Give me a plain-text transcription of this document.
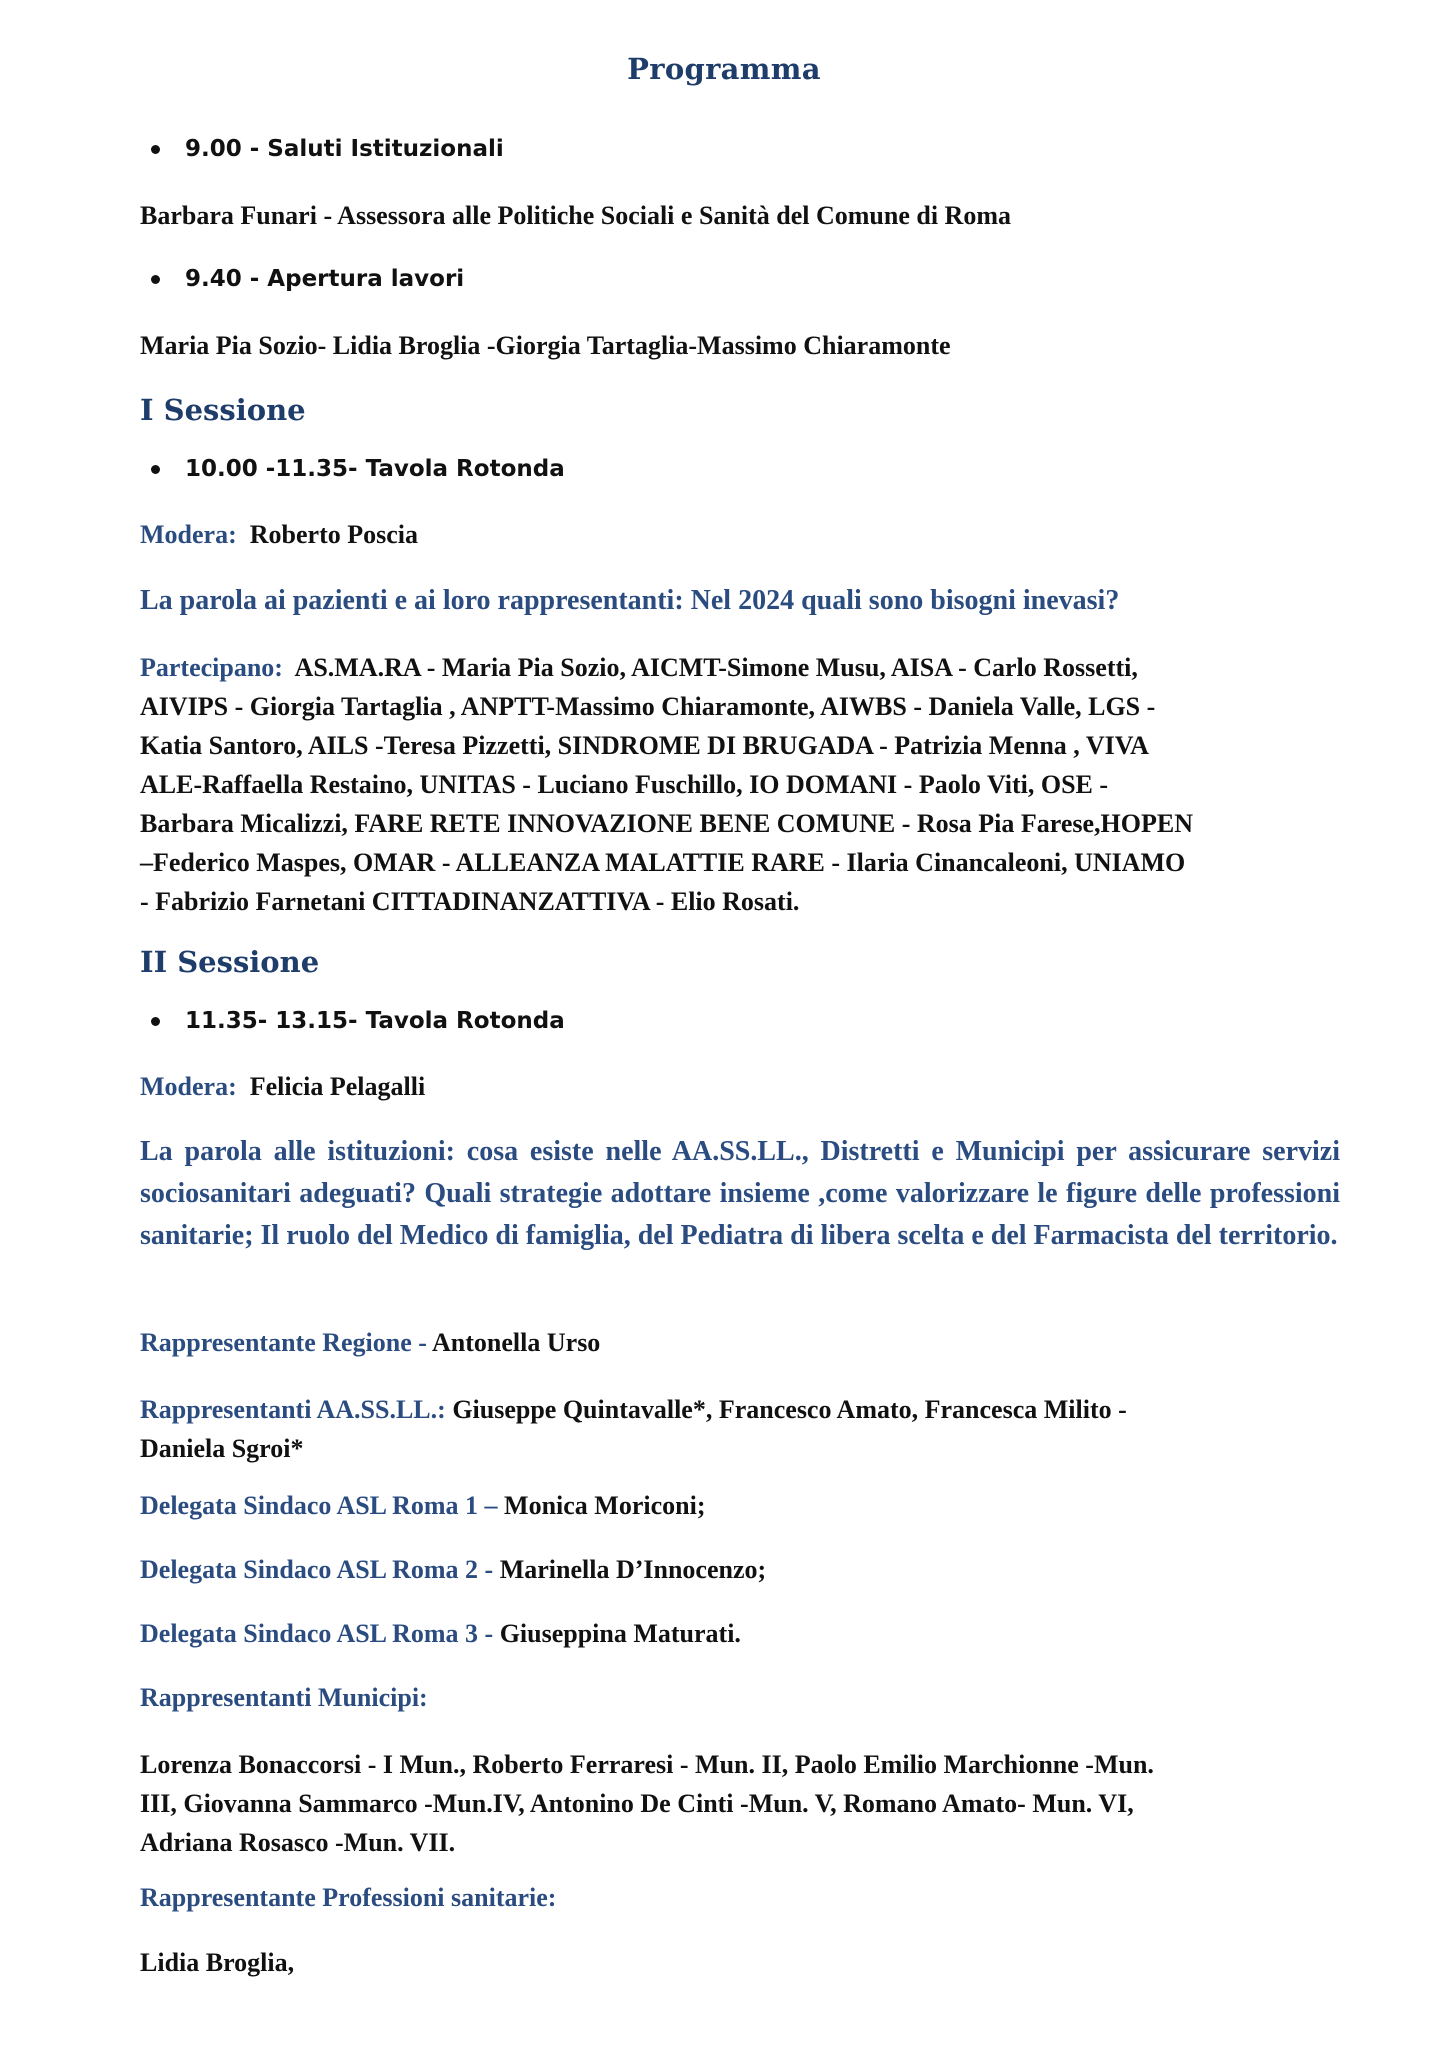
Programma
9.00 - Saluti Istituzionali
Barbara Funari - Assessora alle Politiche Sociali e Sanità del Comune di Roma
9.40 - Apertura lavori
Maria Pia Sozio- Lidia Broglia -Giorgia Tartaglia-Massimo Chiaramonte
I Sessione
10.00 -11.35- Tavola Rotonda
Modera: Roberto Poscia
La parola ai pazienti e ai loro rappresentanti: Nel 2024 quali sono bisogni inevasi?
Partecipano: AS.MA.RA - Maria Pia Sozio, AICMT-Simone Musu, AISA - Carlo Rossetti,
AIVIPS - Giorgia Tartaglia , ANPTT-Massimo Chiaramonte, AIWBS - Daniela Valle, LGS -
Katia Santoro, AILS -Teresa Pizzetti, SINDROME DI BRUGADA - Patrizia Menna , VIVA
ALE-Raffaella Restaino, UNITAS - Luciano Fuschillo, IO DOMANI - Paolo Viti, OSE -
Barbara Micalizzi, FARE RETE INNOVAZIONE BENE COMUNE - Rosa Pia Farese,HOPEN
–Federico Maspes, OMAR - ALLEANZA MALATTIE RARE - Ilaria Cinancaleoni, UNIAMO
- Fabrizio Farnetani CITTADINANZATTIVA - Elio Rosati.
II Sessione
11.35- 13.15- Tavola Rotonda
Modera: Felicia Pelagalli
La parola alle istituzioni: cosa esiste nelle AA.SS.LL., Distretti e Municipi per assicurare servizi sociosanitari adeguati? Quali strategie adottare insieme ,come valorizzare le figure delle professioni sanitarie; Il ruolo del Medico di famiglia, del Pediatra di libera scelta e del Farmacista del territorio.
Rappresentante Regione - Antonella Urso
Rappresentanti AA.SS.LL.: Giuseppe Quintavalle*, Francesco Amato, Francesca Milito -
Daniela Sgroi*
Delegata Sindaco ASL Roma 1 – Monica Moriconi;
Delegata Sindaco ASL Roma 2 - Marinella D’Innocenzo;
Delegata Sindaco ASL Roma 3 - Giuseppina Maturati.
Rappresentanti Municipi:
Lorenza Bonaccorsi - I Mun., Roberto Ferraresi - Mun. II, Paolo Emilio Marchionne -Mun.
III, Giovanna Sammarco -Mun.IV, Antonino De Cinti -Mun. V, Romano Amato- Mun. VI,
Adriana Rosasco -Mun. VII.
Rappresentante Professioni sanitarie:
Lidia Broglia,
